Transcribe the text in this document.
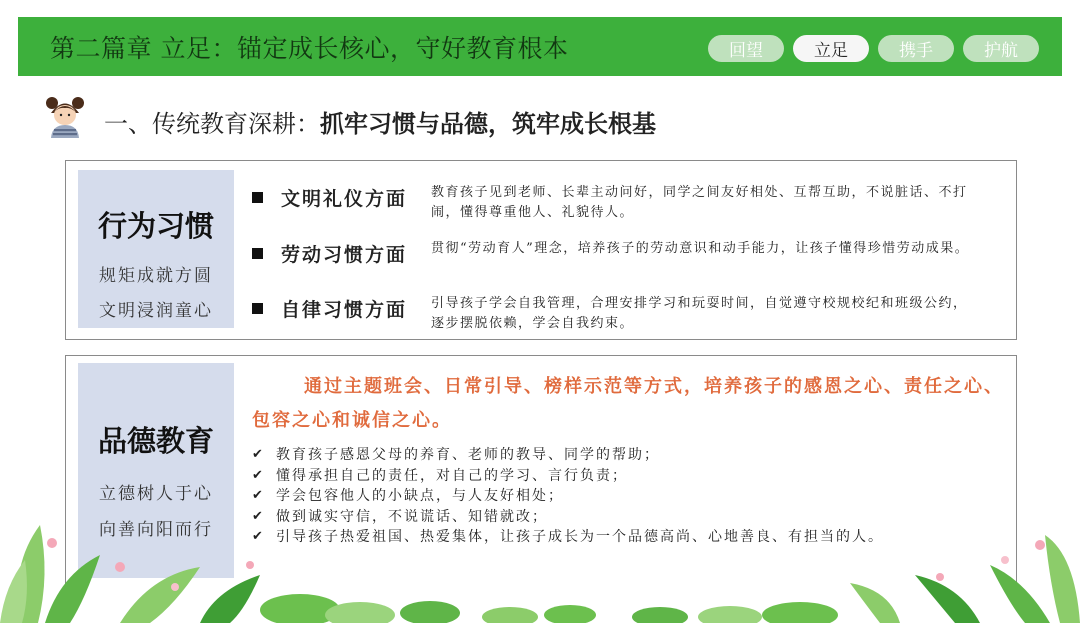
第二篇章 立足：锚定成长核心，守好教育根本	回望	立足	携手	护航
一、传统教育深耕：抓牢习惯与品德，筑牢成长根基
行为习惯
规矩成就方圆
文明浸润童心
文明礼仪方面	教育孩子见到老师、长辈主动问好，同学之间友好相处、互帮互助，不说脏话、不打闹，懂得尊重他人、礼貌待人。
劳动习惯方面	贯彻“劳动育人”理念，培养孩子的劳动意识和动手能力，让孩子懂得珍惜劳动成果。
自律习惯方面	引导孩子学会自我管理，合理安排学习和玩耍时间，自觉遵守校规校纪和班级公约，逐步摆脱依赖，学会自我约束。
品德教育
立德树人于心
向善向阳而行
通过主题班会、日常引导、榜样示范等方式，培养孩子的感恩之心、责任之心、包容之心和诚信之心。
✔ 教育孩子感恩父母的养育、老师的教导、同学的帮助；
✔ 懂得承担自己的责任，对自己的学习、言行负责；
✔ 学会包容他人的小缺点，与人友好相处；
✔ 做到诚实守信，不说谎话、知错就改；
✔ 引导孩子热爱祖国、热爱集体，让孩子成长为一个品德高尚、心地善良、有担当的人。
